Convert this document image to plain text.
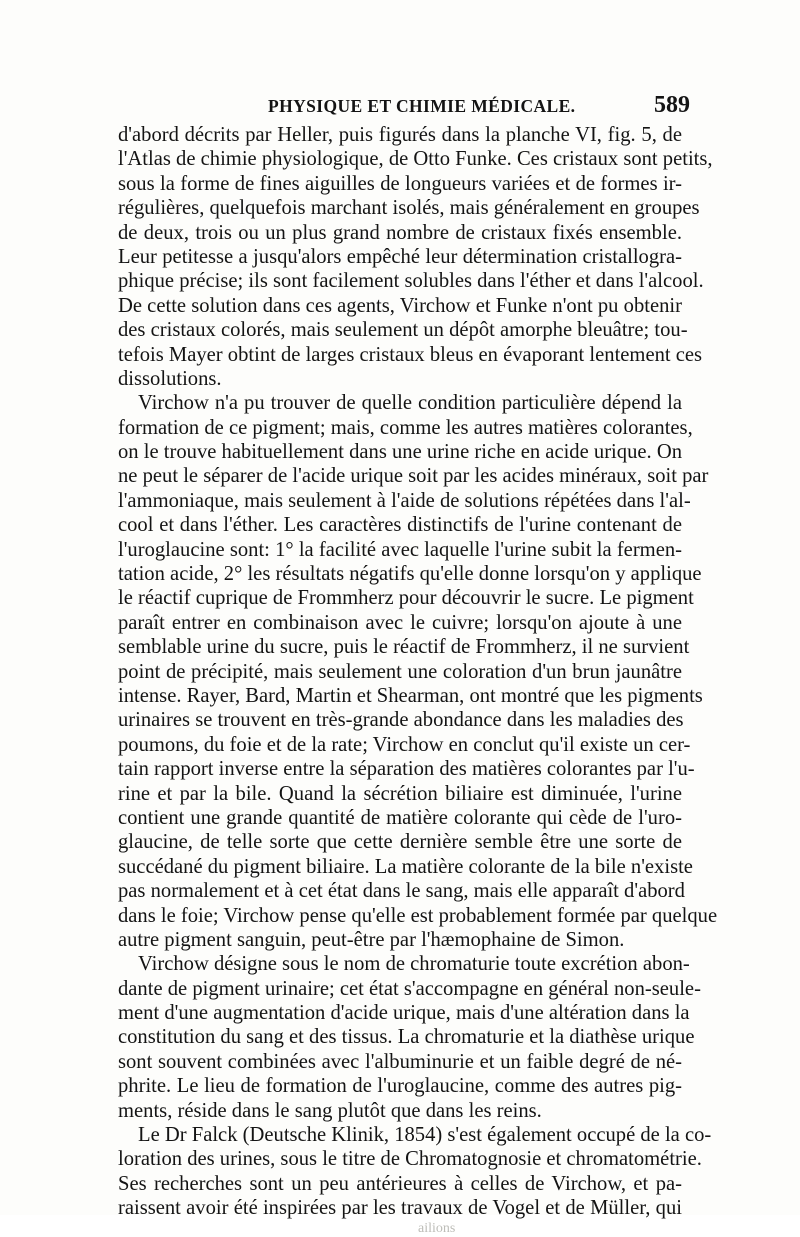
PHYSIQUE ET CHIMIE MÉDICALE.	589
d'abord décrits par Heller, puis figurés dans la planche VI, fig. 5, de
l'Atlas de chimie physiologique, de Otto Funke. Ces cristaux sont petits,
sous la forme de fines aiguilles de longueurs variées et de formes ir-
régulières, quelquefois marchant isolés, mais généralement en groupes
de deux, trois ou un plus grand nombre de cristaux fixés ensemble.
Leur petitesse a jusqu'alors empêché leur détermination cristallogra-
phique précise; ils sont facilement solubles dans l'éther et dans l'alcool.
De cette solution dans ces agents, Virchow et Funke n'ont pu obtenir
des cristaux colorés, mais seulement un dépôt amorphe bleuâtre; tou-
tefois Mayer obtint de larges cristaux bleus en évaporant lentement ces
dissolutions.
Virchow n'a pu trouver de quelle condition particulière dépend la
formation de ce pigment; mais, comme les autres matières colorantes,
on le trouve habituellement dans une urine riche en acide urique. On
ne peut le séparer de l'acide urique soit par les acides minéraux, soit par
l'ammoniaque, mais seulement à l'aide de solutions répétées dans l'al-
cool et dans l'éther. Les caractères distinctifs de l'urine contenant de
l'uroglaucine sont: 1° la facilité avec laquelle l'urine subit la fermen-
tation acide, 2° les résultats négatifs qu'elle donne lorsqu'on y applique
le réactif cuprique de Frommherz pour découvrir le sucre. Le pigment
paraît entrer en combinaison avec le cuivre; lorsqu'on ajoute à une
semblable urine du sucre, puis le réactif de Frommherz, il ne survient
point de précipité, mais seulement une coloration d'un brun jaunâtre
intense. Rayer, Bard, Martin et Shearman, ont montré que les pigments
urinaires se trouvent en très-grande abondance dans les maladies des
poumons, du foie et de la rate; Virchow en conclut qu'il existe un cer-
tain rapport inverse entre la séparation des matières colorantes par l'u-
rine et par la bile. Quand la sécrétion biliaire est diminuée, l'urine
contient une grande quantité de matière colorante qui cède de l'uro-
glaucine, de telle sorte que cette dernière semble être une sorte de
succédané du pigment biliaire. La matière colorante de la bile n'existe
pas normalement et à cet état dans le sang, mais elle apparaît d'abord
dans le foie; Virchow pense qu'elle est probablement formée par quelque
autre pigment sanguin, peut-être par l'hæmophaine de Simon.
Virchow désigne sous le nom de chromaturie toute excrétion abon-
dante de pigment urinaire; cet état s'accompagne en général non-seule-
ment d'une augmentation d'acide urique, mais d'une altération dans la
constitution du sang et des tissus. La chromaturie et la diathèse urique
sont souvent combinées avec l'albuminurie et un faible degré de né-
phrite. Le lieu de formation de l'uroglaucine, comme des autres pig-
ments, réside dans le sang plutôt que dans les reins.
Le Dr Falck (Deutsche Klinik, 1854) s'est également occupé de la co-
loration des urines, sous le titre de Chromatognosie et chromatométrie.
Ses recherches sont un peu antérieures à celles de Virchow, et pa-
raissent avoir été inspirées par les travaux de Vogel et de Müller, qui
ailions
